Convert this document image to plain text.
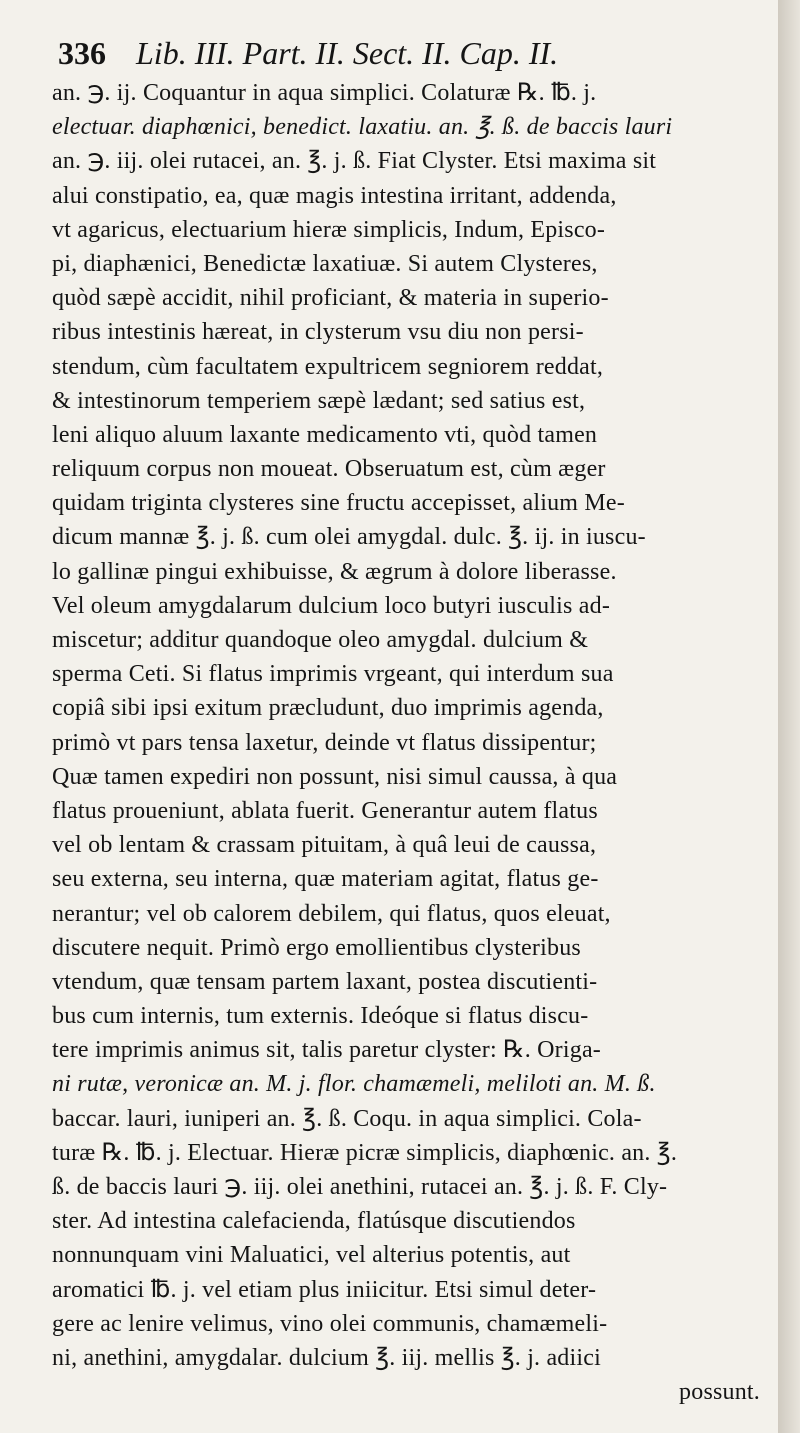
336 Lib. III. Part. II. Sect. II. Cap. II.
an. ℈. ij. Coquantur in aqua simplici. Colaturæ ℞. ℔. j.
electuar. diaphœnici, benedict. laxatiu. an. ℥. ß. de baccis lauri
an. ℈. iij. olei rutacei, an. ℥. j. ß. Fiat Clyster. Etsi maxima sit
alui constipatio, ea, quæ magis intestina irritant, addenda,
vt agaricus, electuarium hieræ simplicis, Indum, Episco-
pi, diaphænici, Benedictæ laxatiuæ. Si autem Clysteres,
quòd sæpè accidit, nihil proficiant, & materia in superio-
ribus intestinis hæreat, in clysterum vsu diu non persi-
stendum, cùm facultatem expultricem segniorem reddat,
& intestinorum temperiem sæpè lædant; sed satius est,
leni aliquo aluum laxante medicamento vti, quòd tamen
reliquum corpus non moueat. Obseruatum est, cùm æger
quidam triginta clysteres sine fructu accepisset, alium Me-
dicum mannæ ℥. j. ß. cum olei amygdal. dulc. ℥. ij. in iuscu-
lo gallinæ pingui exhibuisse, & ægrum à dolore liberasse.
Vel oleum amygdalarum dulcium loco butyri iusculis ad-
miscetur; additur quandoque oleo amygdal. dulcium &
sperma Ceti. Si flatus imprimis vrgeant, qui interdum sua
copiâ sibi ipsi exitum præcludunt, duo imprimis agenda,
primò vt pars tensa laxetur, deinde vt flatus dissipentur;
Quæ tamen expediri non possunt, nisi simul caussa, à qua
flatus proueniunt, ablata fuerit. Generantur autem flatus
vel ob lentam & crassam pituitam, à quâ leui de caussa,
seu externa, seu interna, quæ materiam agitat, flatus ge-
nerantur; vel ob calorem debilem, qui flatus, quos eleuat,
discutere nequit. Primò ergo emollientibus clysteribus
vtendum, quæ tensam partem laxant, postea discutienti-
bus cum internis, tum externis. Ideóque si flatus discu-
tere imprimis animus sit, talis paretur clyster: ℞. Origa-
ni rutæ, veronicæ an. M. j. flor. chamæmeli, meliloti an. M. ß.
baccar. lauri, iuniperi an. ℥. ß. Coqu. in aqua simplici. Cola-
turæ ℞. ℔. j. Electuar. Hieræ picræ simplicis, diaphœnic. an. ℥.
ß. de baccis lauri ℈. iij. olei anethini, rutacei an. ℥. j. ß. F. Cly-
ster. Ad intestina calefacienda, flatúsque discutiendos
nonnunquam vini Maluatici, vel alterius potentis, aut
aromatici ℔. j. vel etiam plus iniicitur. Etsi simul deter-
gere ac lenire velimus, vino olei communis, chamæmeli-
ni, anethini, amygdalar. dulcium ℥. iij. mellis ℥. j. adiici
possunt.
